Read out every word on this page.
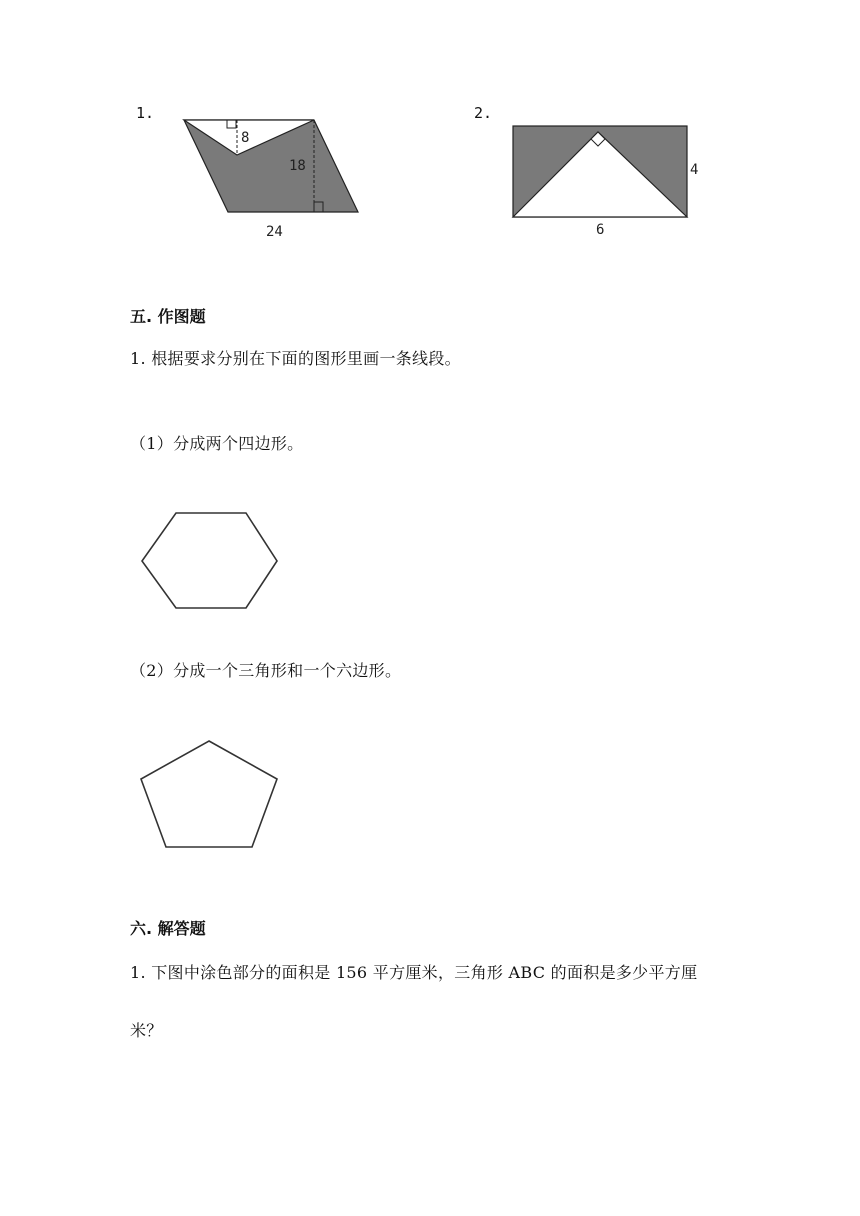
1.	2.
8
18
24
4
6
五. 作图题
1. 根据要求分别在下面的图形里画一条线段。
（1）分成两个四边形。
（2）分成一个三角形和一个六边形。
六. 解答题
1. 下图中涂色部分的面积是 156 平方厘米，三角形 ABC 的面积是多少平方厘
米？
